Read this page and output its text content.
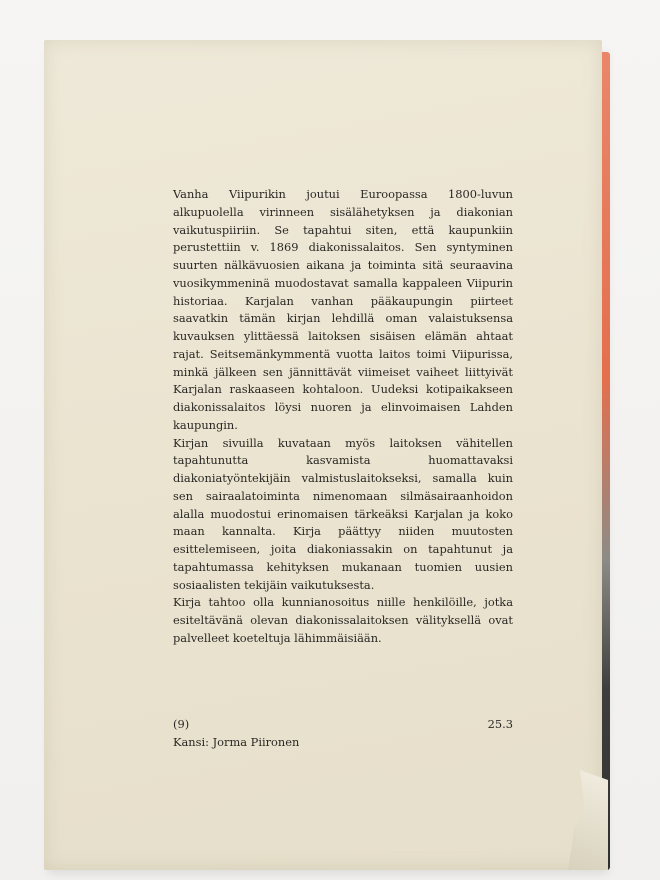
Vanha Viipurikin joutui Euroopassa 1800-luvun alkupuolella virinneen sisälähetyksen ja diakonian vaikutuspiiriin. Se tapahtui siten, että kaupunkiin perustettiin v. 1869 diakonissalaitos. Sen syntyminen suurten nälkävuosien aikana ja toiminta sitä seuraavina vuosikymmeninä muodostavat samalla kappaleen Viipurin historiaa. Karjalan vanhan pääkaupungin piirteet saavatkin tämän kirjan lehdillä oman valaistuksensa kuvauksen ylittäessä laitoksen sisäisen elämän ahtaat rajat. Seitsemänkymmentä vuotta laitos toimi Viipurissa, minkä jälkeen sen jännittävät viimeiset vaiheet liittyivät Karjalan raskaaseen kohtaloon. Uudeksi kotipaikakseen diakonissalaitos löysi nuoren ja elinvoimaisen Lahden kaupungin.

Kirjan sivuilla kuvataan myös laitoksen vähitellen tapahtunutta kasvamista huomattavaksi diakoniatyöntekijäin valmistuslaitokseksi, samalla kuin sen sairaalatoiminta nimenomaan silmäsairaanhoidon alalla muodostui erinomaisen tärkeäksi Karjalan ja koko maan kannalta. Kirja päättyy niiden muutosten esittelemiseen, joita diakoniassakin on tapahtunut ja tapahtumassa kehityksen mukanaan tuomien uusien sosiaalisten tekijäin vaikutuksesta.

Kirja tahtoo olla kunnianosoitus niille henkilöille, jotka esiteltävänä olevan diakonissalaitoksen välityksellä ovat palvelleet koeteltuja lähimmäisiään.

(9)	25.3
Kansi: Jorma Piironen
